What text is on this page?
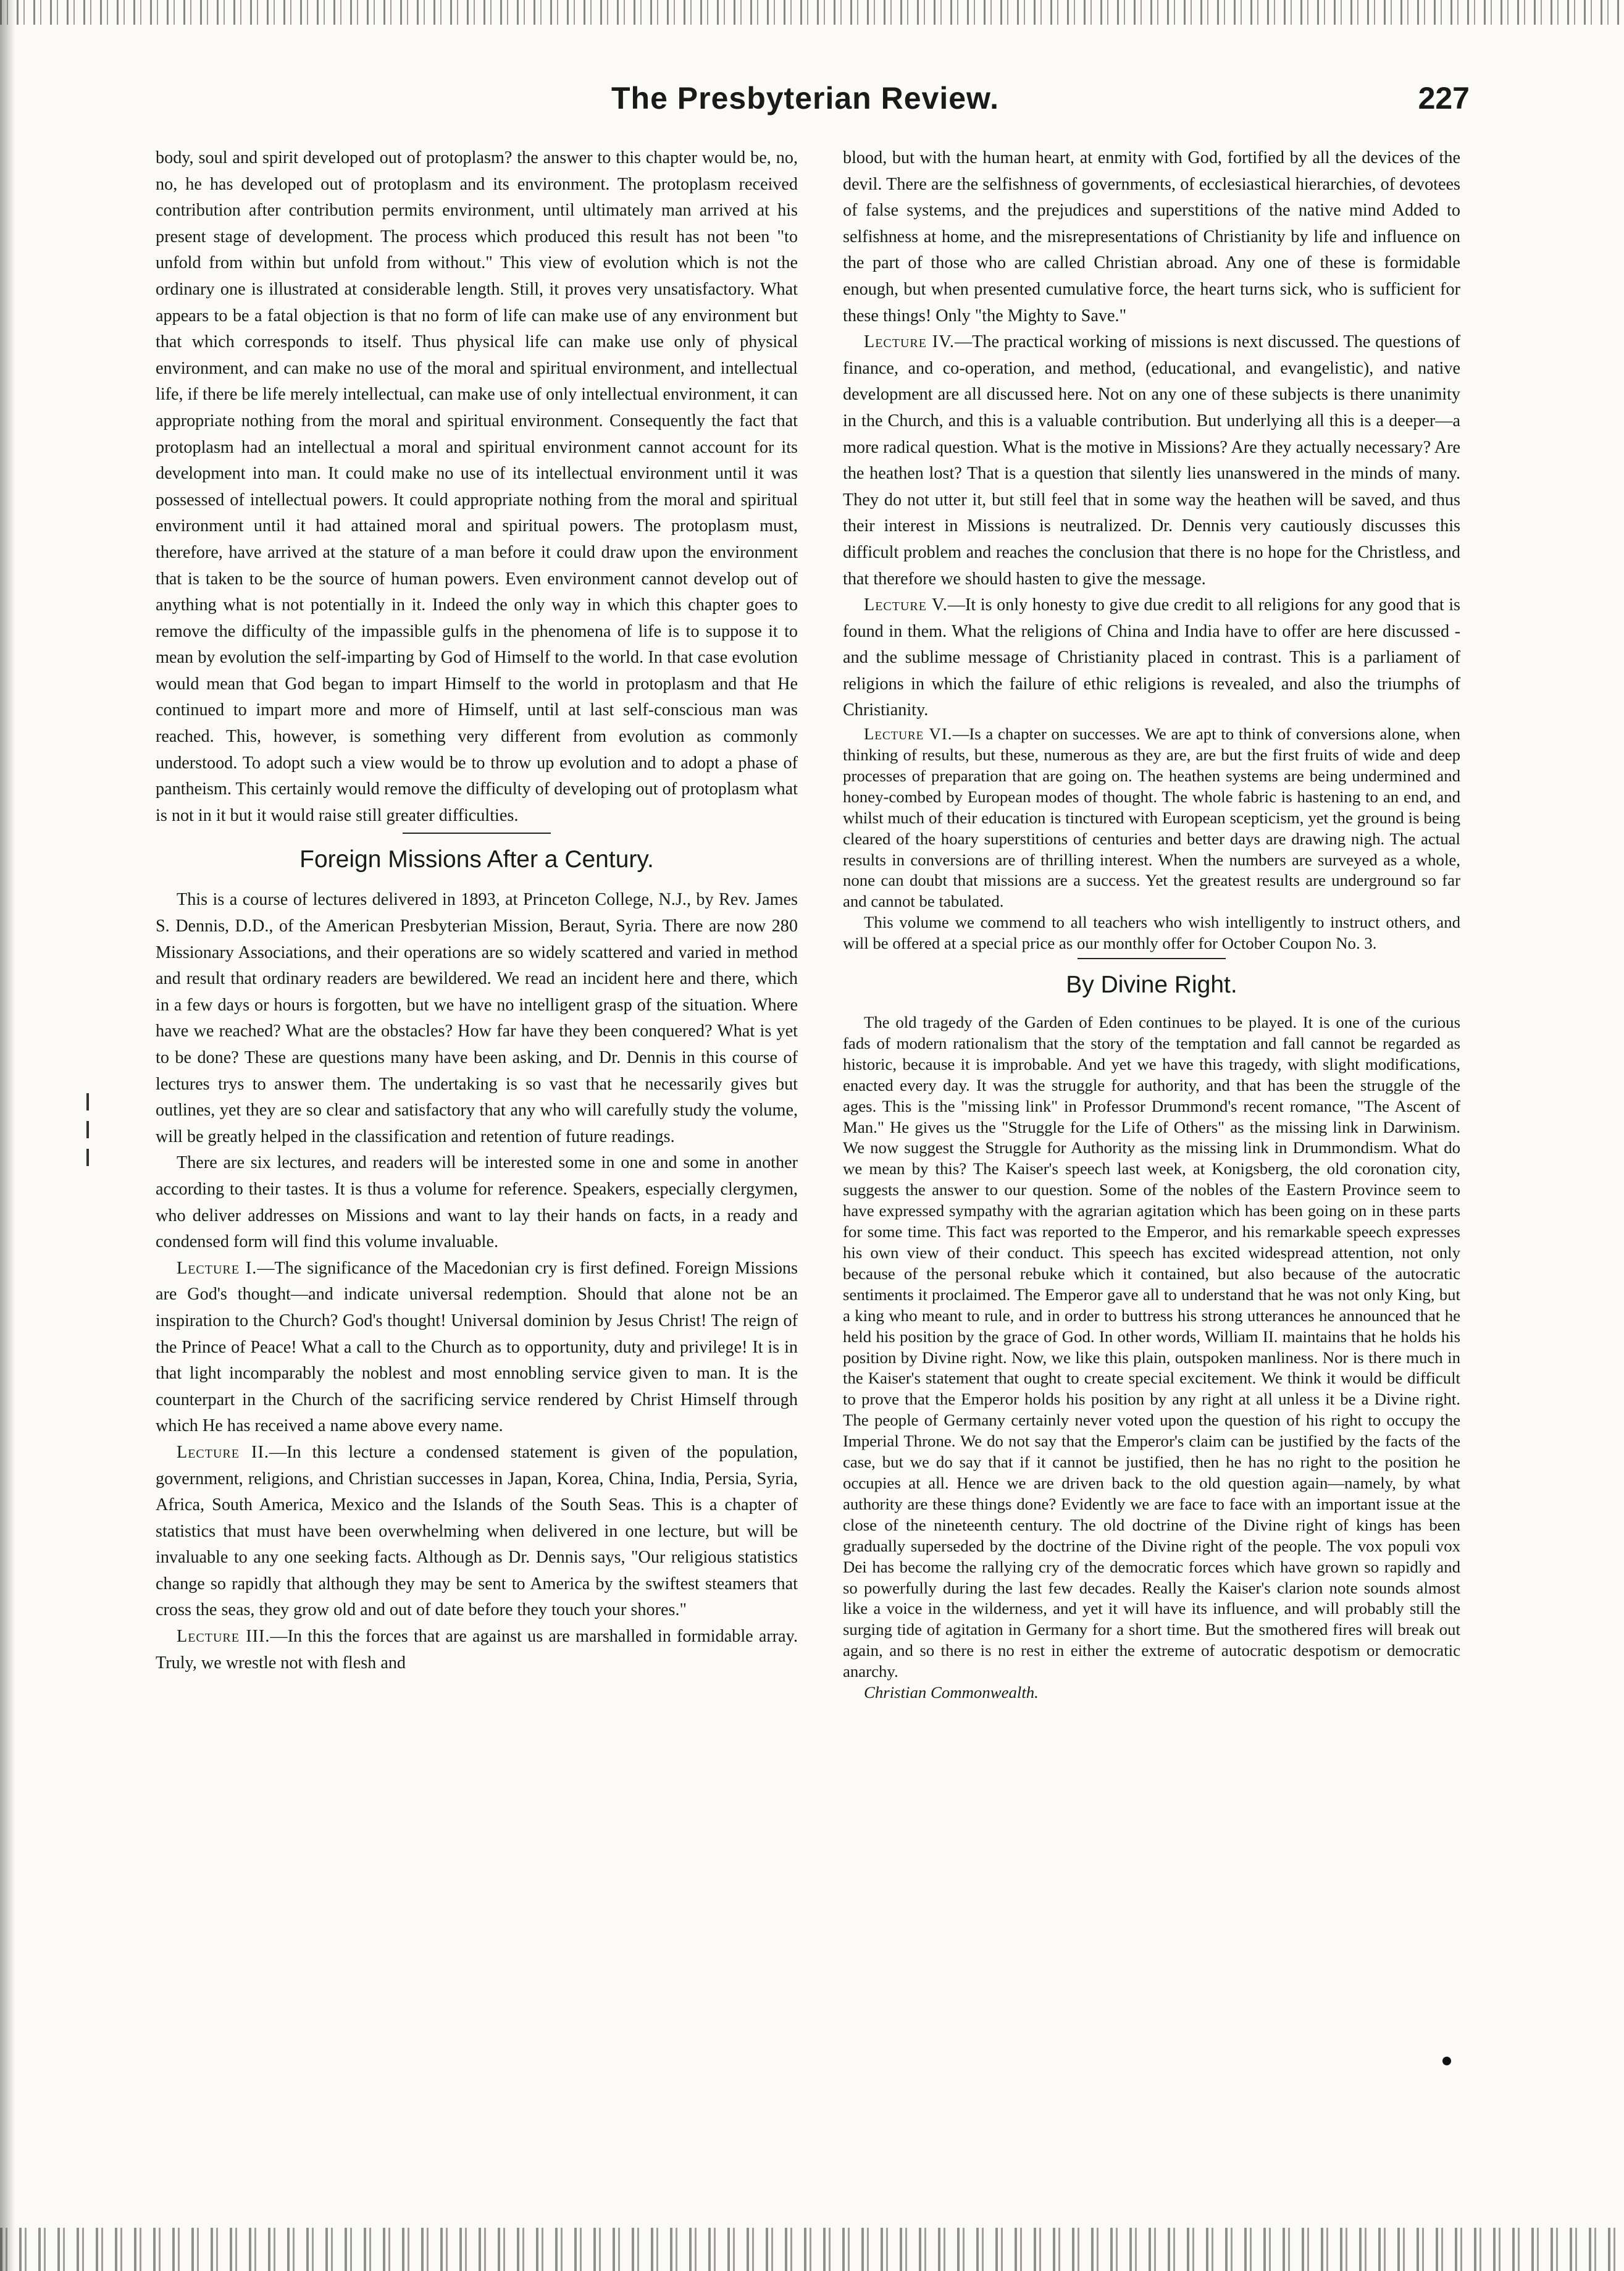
The Presbyterian Review.	227

body, soul and spirit developed out of protoplasm? the answer to this chapter would be, no, no, he has developed out of protoplasm and its environment. The protoplasm received contribution after contribution permits environment, until ultimately man arrived at his present stage of development. The process which produced this result has not been "to unfold from within but unfold from without." This view of evolution which is not the ordinary one is illustrated at considerable length. Still, it proves very unsatisfactory. What appears to be a fatal objection is that no form of life can make use of any environment but that which corresponds to itself. Thus physical life can make use only of physical environment, and can make no use of the moral and spiritual environment, and intellectual life, if there be life merely intellectual, can make use of only intellectual environment, it can appropriate nothing from the moral and spiritual environment. Consequently the fact that protoplasm had an intellectual a moral and spiritual environment cannot account for its development into man. It could make no use of its intellectual environment until it was possessed of intellectual powers. It could appropriate nothing from the moral and spiritual environment until it had attained moral and spiritual powers. The protoplasm must, therefore, have arrived at the stature of a man before it could draw upon the environment that is taken to be the source of human powers. Even environment cannot develop out of anything what is not potentially in it. Indeed the only way in which this chapter goes to remove the difficulty of the impassible gulfs in the phenomena of life is to suppose it to mean by evolution the self-imparting by God of Himself to the world. In that case evolution would mean that God began to impart Himself to the world in protoplasm and that He continued to impart more and more of Himself, until at last self-conscious man was reached. This, however, is something very different from evolution as commonly understood. To adopt such a view would be to throw up evolution and to adopt a phase of pantheism. This certainly would remove the difficulty of developing out of protoplasm what is not in it but it would raise still greater difficulties.

Foreign Missions After a Century.

This is a course of lectures delivered in 1893, at Princeton College, N.J., by Rev. James S. Dennis, D.D., of the American Presbyterian Mission, Beraut, Syria. There are now 280 Missionary Associations, and their operations are so widely scattered and varied in method and result that ordinary readers are bewildered. We read an incident here and there, which in a few days or hours is forgotten, but we have no intelligent grasp of the situation. Where have we reached? What are the obstacles? How far have they been conquered? What is yet to be done? These are questions many have been asking, and Dr. Dennis in this course of lectures trys to answer them. The undertaking is so vast that he necessarily gives but outlines, yet they are so clear and satisfactory that any who will carefully study the volume, will be greatly helped in the classification and retention of future readings.

There are six lectures, and readers will be interested some in one and some in another according to their tastes. It is thus a volume for reference. Speakers, especially clergymen, who deliver addresses on Missions and want to lay their hands on facts, in a ready and condensed form will find this volume invaluable.

Lecture I.—The significance of the Macedonian cry is first defined. Foreign Missions are God's thought—and indicate universal redemption. Should that alone not be an inspiration to the Church? God's thought! Universal dominion by Jesus Christ! The reign of the Prince of Peace! What a call to the Church as to opportunity, duty and privilege! It is in that light incomparably the noblest and most ennobling service given to man. It is the counterpart in the Church of the sacrificing service rendered by Christ Himself through which He has received a name above every name.

Lecture II.—In this lecture a condensed statement is given of the population, government, religions, and Christian successes in Japan, Korea, China, India, Persia, Syria, Africa, South America, Mexico and the Islands of the South Seas. This is a chapter of statistics that must have been overwhelming when delivered in one lecture, but will be invaluable to any one seeking facts. Although as Dr. Dennis says, "Our religious statistics change so rapidly that although they may be sent to America by the swiftest steamers that cross the seas, they grow old and out of date before they touch your shores."

Lecture III.—In this the forces that are against us are marshalled in formidable array. Truly, we wrestle not with flesh and

blood, but with the human heart, at enmity with God, fortified by all the devices of the devil. There are the selfishness of governments, of ecclesiastical hierarchies, of devotees of false systems, and the prejudices and superstitions of the native mind Added to selfishness at home, and the misrepresentations of Christianity by life and influence on the part of those who are called Christian abroad. Any one of these is formidable enough, but when presented cumulative force, the heart turns sick, who is sufficient for these things! Only "the Mighty to Save."

Lecture IV.—The practical working of missions is next discussed. The questions of finance, and co-operation, and method, (educational, and evangelistic), and native development are all discussed here. Not on any one of these subjects is there unanimity in the Church, and this is a valuable contribution. But underlying all this is a deeper—a more radical question. What is the motive in Missions? Are they actually necessary? Are the heathen lost? That is a question that silently lies unanswered in the minds of many. They do not utter it, but still feel that in some way the heathen will be saved, and thus their interest in Missions is neutralized. Dr. Dennis very cautiously discusses this difficult problem and reaches the conclusion that there is no hope for the Christless, and that therefore we should hasten to give the message.

Lecture V.—It is only honesty to give due credit to all religions for any good that is found in them. What the religions of China and India have to offer are here discussed - and the sublime message of Christianity placed in contrast. This is a parliament of religions in which the failure of ethic religions is revealed, and also the triumphs of Christianity.

Lecture VI.—Is a chapter on successes. We are apt to think of conversions alone, when thinking of results, but these, numerous as they are, are but the first fruits of wide and deep processes of preparation that are going on. The heathen systems are being undermined and honey-combed by European modes of thought. The whole fabric is hastening to an end, and whilst much of their education is tinctured with European scepticism, yet the ground is being cleared of the hoary superstitions of centuries and better days are drawing nigh. The actual results in conversions are of thrilling interest. When the numbers are surveyed as a whole, none can doubt that missions are a success. Yet the greatest results are underground so far and cannot be tabulated.

This volume we commend to all teachers who wish intelligently to instruct others, and will be offered at a special price as our monthly offer for October Coupon No. 3.

By Divine Right.

The old tragedy of the Garden of Eden continues to be played. It is one of the curious fads of modern rationalism that the story of the temptation and fall cannot be regarded as historic, because it is improbable. And yet we have this tragedy, with slight modifications, enacted every day. It was the struggle for authority, and that has been the struggle of the ages. This is the "missing link" in Professor Drummond's recent romance, "The Ascent of Man." He gives us the "Struggle for the Life of Others" as the missing link in Darwinism. We now suggest the Struggle for Authority as the missing link in Drummondism. What do we mean by this? The Kaiser's speech last week, at Konigsberg, the old coronation city, suggests the answer to our question. Some of the nobles of the Eastern Province seem to have expressed sympathy with the agrarian agitation which has been going on in these parts for some time. This fact was reported to the Emperor, and his remarkable speech expresses his own view of their conduct. This speech has excited widespread attention, not only because of the personal rebuke which it contained, but also because of the autocratic sentiments it proclaimed. The Emperor gave all to understand that he was not only King, but a king who meant to rule, and in order to buttress his strong utterances he announced that he held his position by the grace of God. In other words, William II. maintains that he holds his position by Divine right. Now, we like this plain, outspoken manliness. Nor is there much in the Kaiser's statement that ought to create special excitement. We think it would be difficult to prove that the Emperor holds his position by any right at all unless it be a Divine right. The people of Germany certainly never voted upon the question of his right to occupy the Imperial Throne. We do not say that the Emperor's claim can be justified by the facts of the case, but we do say that if it cannot be justified, then he has no right to the position he occupies at all. Hence we are driven back to the old question again—namely, by what authority are these things done? Evidently we are face to face with an important issue at the close of the nineteenth century. The old doctrine of the Divine right of kings has been gradually superseded by the doctrine of the Divine right of the people. The vox populi vox Dei has become the rallying cry of the democratic forces which have grown so rapidly and so powerfully during the last few decades. Really the Kaiser's clarion note sounds almost like a voice in the wilderness, and yet it will have its influence, and will probably still the surging tide of agitation in Germany for a short time. But the smothered fires will break out again, and so there is no rest in either the extreme of autocratic despotism or democratic anarchy.

Christian Commonwealth.
